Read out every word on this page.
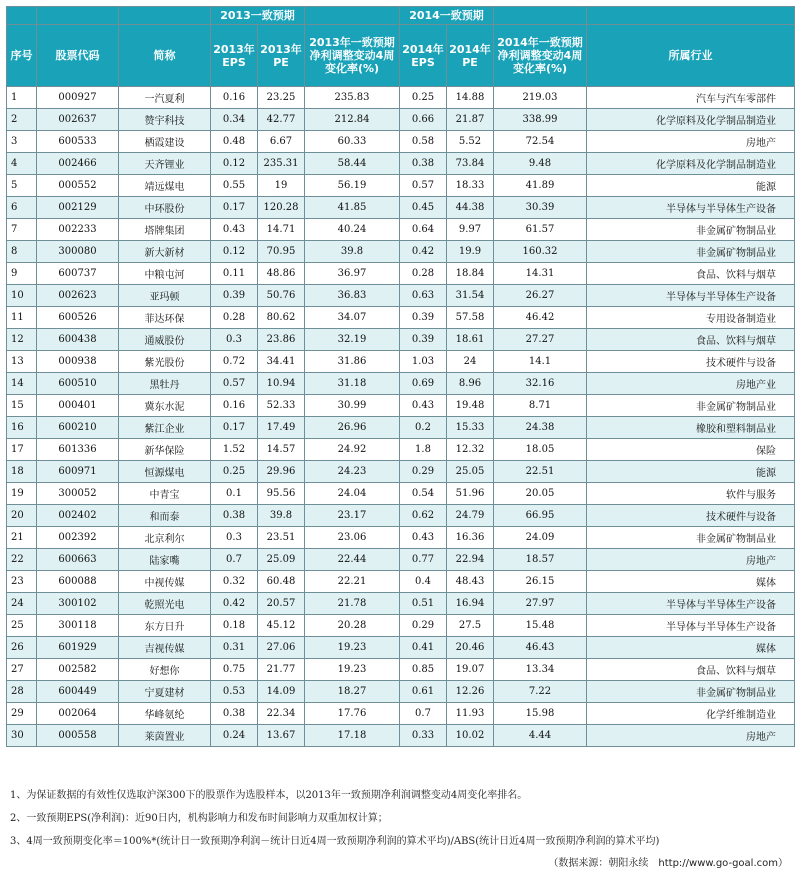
			2013一致预期			2014一致预期			
序号	股票代码	简称	2013年EPS	2013年PE	2013年一致预期净利调整变动4周变化率(%)	2014年EPS	2014年PE	2014年一致预期净利调整变动4周变化率(%)	所属行业
1	000927	一汽夏利	0.16	23.25	235.83	0.25	14.88	219.03	汽车与汽车零部件
2	002637	赞宇科技	0.34	42.77	212.84	0.66	21.87	338.99	化学原料及化学制品制造业
3	600533	栖霞建设	0.48	6.67	60.33	0.58	5.52	72.54	房地产
4	002466	天齐锂业	0.12	235.31	58.44	0.38	73.84	9.48	化学原料及化学制品制造业
5	000552	靖远煤电	0.55	19	56.19	0.57	18.33	41.89	能源
6	002129	中环股份	0.17	120.28	41.85	0.45	44.38	30.39	半导体与半导体生产设备
7	002233	塔牌集团	0.43	14.71	40.24	0.64	9.97	61.57	非金属矿物制品业
8	300080	新大新材	0.12	70.95	39.8	0.42	19.9	160.32	非金属矿物制品业
9	600737	中粮屯河	0.11	48.86	36.97	0.28	18.84	14.31	食品、饮料与烟草
10	002623	亚玛顿	0.39	50.76	36.83	0.63	31.54	26.27	半导体与半导体生产设备
11	600526	菲达环保	0.28	80.62	34.07	0.39	57.58	46.42	专用设备制造业
12	600438	通威股份	0.3	23.86	32.19	0.39	18.61	27.27	食品、饮料与烟草
13	000938	紫光股份	0.72	34.41	31.86	1.03	24	14.1	技术硬件与设备
14	600510	黑牡丹	0.57	10.94	31.18	0.69	8.96	32.16	房地产业
15	000401	冀东水泥	0.16	52.33	30.99	0.43	19.48	8.71	非金属矿物制品业
16	600210	紫江企业	0.17	17.49	26.96	0.2	15.33	24.38	橡胶和塑料制品业
17	601336	新华保险	1.52	14.57	24.92	1.8	12.32	18.05	保险
18	600971	恒源煤电	0.25	29.96	24.23	0.29	25.05	22.51	能源
19	300052	中青宝	0.1	95.56	24.04	0.54	51.96	20.05	软件与服务
20	002402	和而泰	0.38	39.8	23.17	0.62	24.79	66.95	技术硬件与设备
21	002392	北京利尔	0.3	23.51	23.06	0.43	16.36	24.09	非金属矿物制品业
22	600663	陆家嘴	0.7	25.09	22.44	0.77	22.94	18.57	房地产
23	600088	中视传媒	0.32	60.48	22.21	0.4	48.43	26.15	媒体
24	300102	乾照光电	0.42	20.57	21.78	0.51	16.94	27.97	半导体与半导体生产设备
25	300118	东方日升	0.18	45.12	20.28	0.29	27.5	15.48	半导体与半导体生产设备
26	601929	吉视传媒	0.31	27.06	19.23	0.41	20.46	46.43	媒体
27	002582	好想你	0.75	21.77	19.23	0.85	19.07	13.34	食品、饮料与烟草
28	600449	宁夏建材	0.53	14.09	18.27	0.61	12.26	7.22	非金属矿物制品业
29	002064	华峰氨纶	0.38	22.34	17.76	0.7	11.93	15.98	化学纤维制造业
30	000558	莱茵置业	0.24	13.67	17.18	0.33	10.02	4.44	房地产
1、为保证数据的有效性仅选取沪深300下的股票作为选股样本，以2013年一致预期净利润调整变动4周变化率排名。
2、一致预期EPS(净利润)：近90日内，机构影响力和发布时间影响力双重加权计算；
3、4周一致预期变化率＝100%*(统计日一致预期净利润－统计日近4周一致预期净利润的算术平均)/ABS(统计日近4周一致预期净利润的算术平均)
（数据来源：朝阳永续　http://www.go-goal.com）
